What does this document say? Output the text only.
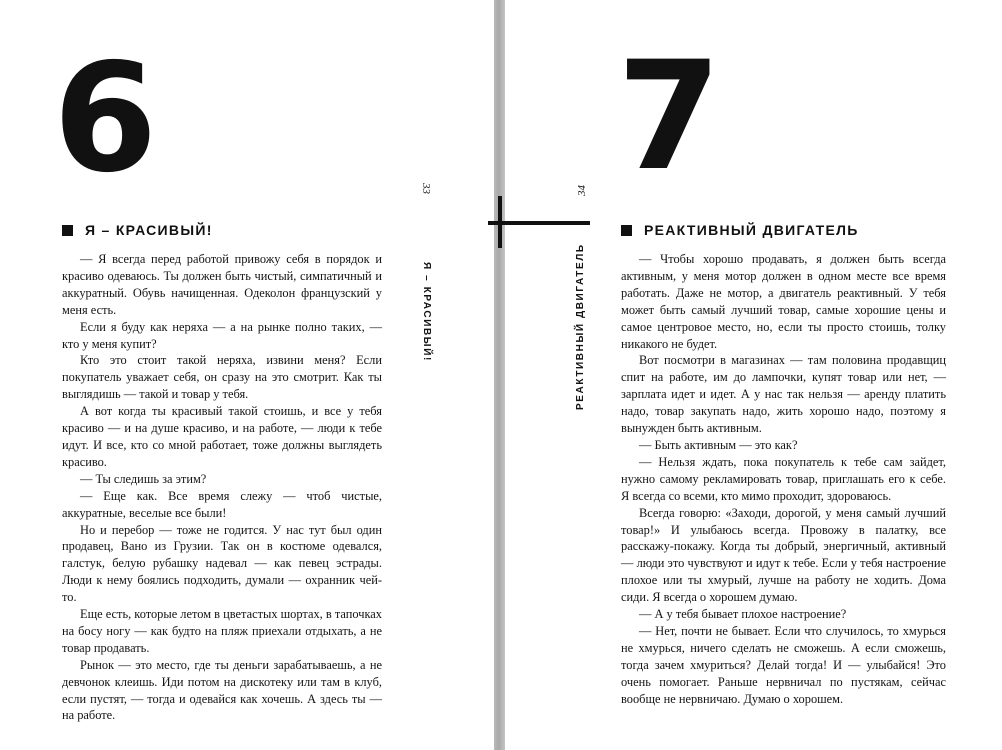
6
Я – КРАСИВЫЙ!
33
Я – КРАСИВЫЙ!

— Я всегда перед работой привожу себя в порядок и красиво одеваюсь. Ты должен быть чистый, симпатичный и аккуратный. Обувь начищенная. Одеколон французский у меня есть.

Если я буду как неряха — а на рынке полно таких, — кто у меня купит?

Кто это стоит такой неряха, извини меня? Если покупатель уважает себя, он сразу на это смотрит. Как ты выглядишь — такой и товар у тебя.

А вот когда ты красивый такой стоишь, и все у тебя красиво — и на душе красиво, и на работе, — люди к тебе идут. И все, кто со мной работает, тоже должны выглядеть красиво.

— Ты следишь за этим?

— Еще как. Все время слежу — чтоб чистые, аккуратные, веселые все были!

Но и перебор — тоже не годится. У нас тут был один продавец, Вано из Грузии. Так он в костюме одевался, галстук, белую рубашку надевал — как певец эстрады. Люди к нему боялись подходить, думали — охранник чей-то.

Еще есть, которые летом в цветастых шортах, в тапочках на босу ногу — как будто на пляж приехали отдыхать, а не товар продавать.

Рынок — это место, где ты деньги зарабатываешь, а не девчонок клеишь. Иди потом на дискотеку или там в клуб, если пустят, — тогда и одевайся как хочешь. А здесь ты — на работе.

7
РЕАКТИВНЫЙ ДВИГАТЕЛЬ
34
РЕАКТИВНЫЙ ДВИГАТЕЛЬ	— Чтобы хорошо продавать, я должен быть всегда активным, у меня мотор должен в одном месте все время работать. Даже не мотор, а двигатель реактивный. У тебя может быть самый лучший товар, самые хорошие цены и самое центровое место, но, если ты просто стоишь, толку никакого не будет.

Вот посмотри в магазинах — там половина продавщиц спит на работе, им до лампочки, купят товар или нет, — зарплата идет и идет. А у нас так нельзя — аренду платить надо, товар закупать надо, жить хорошо надо, поэтому я вынужден быть активным.

— Быть активным — это как?

— Нельзя ждать, пока покупатель к тебе сам зайдет, нужно самому рекламировать товар, приглашать его к себе. Я всегда со всеми, кто мимо проходит, здороваюсь.

Всегда говорю: «Заходи, дорогой, у меня самый лучший товар!» И улыбаюсь всегда. Провожу в палатку, все расскажу-покажу. Когда ты добрый, энергичный, активный — люди это чувствуют и идут к тебе. Если у тебя настроение плохое или ты хмурый, лучше на работу не ходить. Дома сиди. Я всегда о хорошем думаю.

— А у тебя бывает плохое настроение?

— Нет, почти не бывает. Если что случилось, то хмурься не хмурься, ничего сделать не сможешь. А если сможешь, тогда зачем хмуриться? Делай тогда! И — улыбайся! Это очень помогает. Раньше нервничал по пустякам, сейчас вообще не нервничаю. Думаю о хорошем.
